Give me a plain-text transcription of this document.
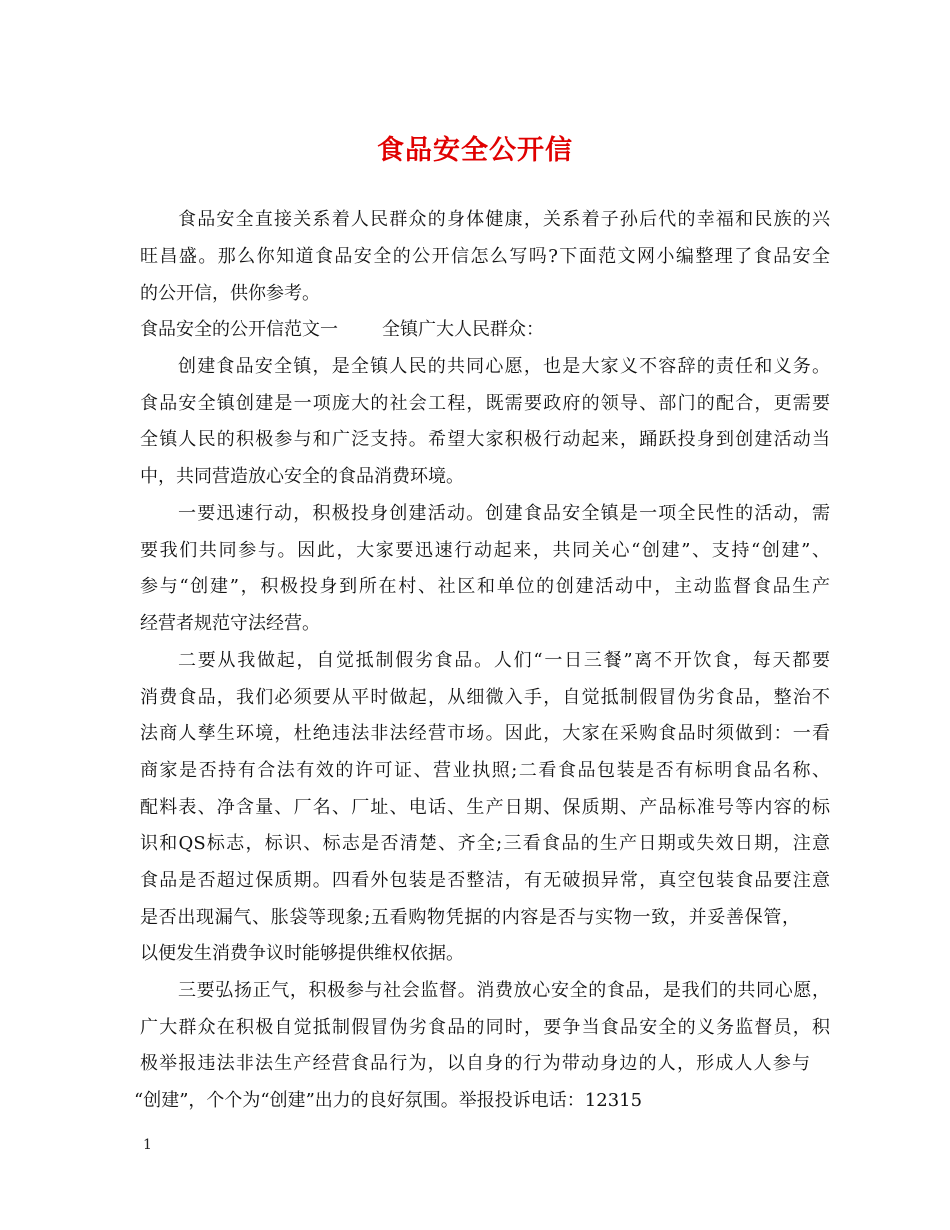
食品安全公开信
食品安全直接关系着人民群众的身体健康，关系着子孙后代的幸福和民族的兴
旺昌盛。那么你知道食品安全的公开信怎么写吗?下面范文网小编整理了食品安全
的公开信，供你参考。
食品安全的公开信范文一 全镇广大人民群众：
创建食品安全镇，是全镇人民的共同心愿，也是大家义不容辞的责任和义务。
食品安全镇创建是一项庞大的社会工程，既需要政府的领导、部门的配合，更需要
全镇人民的积极参与和广泛支持。希望大家积极行动起来，踊跃投身到创建活动当
中，共同营造放心安全的食品消费环境。
一要迅速行动，积极投身创建活动。创建食品安全镇是一项全民性的活动，需
要我们共同参与。因此，大家要迅速行动起来，共同关心“创建”、支持“创建”、
参与“创建”，积极投身到所在村、社区和单位的创建活动中，主动监督食品生产
经营者规范守法经营。
二要从我做起，自觉抵制假劣食品。人们“一日三餐”离不开饮食，每天都要
消费食品，我们必须要从平时做起，从细微入手，自觉抵制假冒伪劣食品，整治不
法商人孳生环境，杜绝违法非法经营市场。因此，大家在采购食品时须做到：一看
商家是否持有合法有效的许可证、营业执照;二看食品包装是否有标明食品名称、
配料表、净含量、厂名、厂址、电话、生产日期、保质期、产品标准号等内容的标
识和QS标志，标识、标志是否清楚、齐全;三看食品的生产日期或失效日期，注意
食品是否超过保质期。四看外包装是否整洁，有无破损异常，真空包装食品要注意
是否出现漏气、胀袋等现象;五看购物凭据的内容是否与实物一致，并妥善保管，
以便发生消费争议时能够提供维权依据。
三要弘扬正气，积极参与社会监督。消费放心安全的食品，是我们的共同心愿，
广大群众在积极自觉抵制假冒伪劣食品的同时，要争当食品安全的义务监督员，积
极举报违法非法生产经营食品行为，以自身的行为带动身边的人，形成人人参与
“创建”，个个为“创建”出力的良好氛围。举报投诉电话：12315
1
